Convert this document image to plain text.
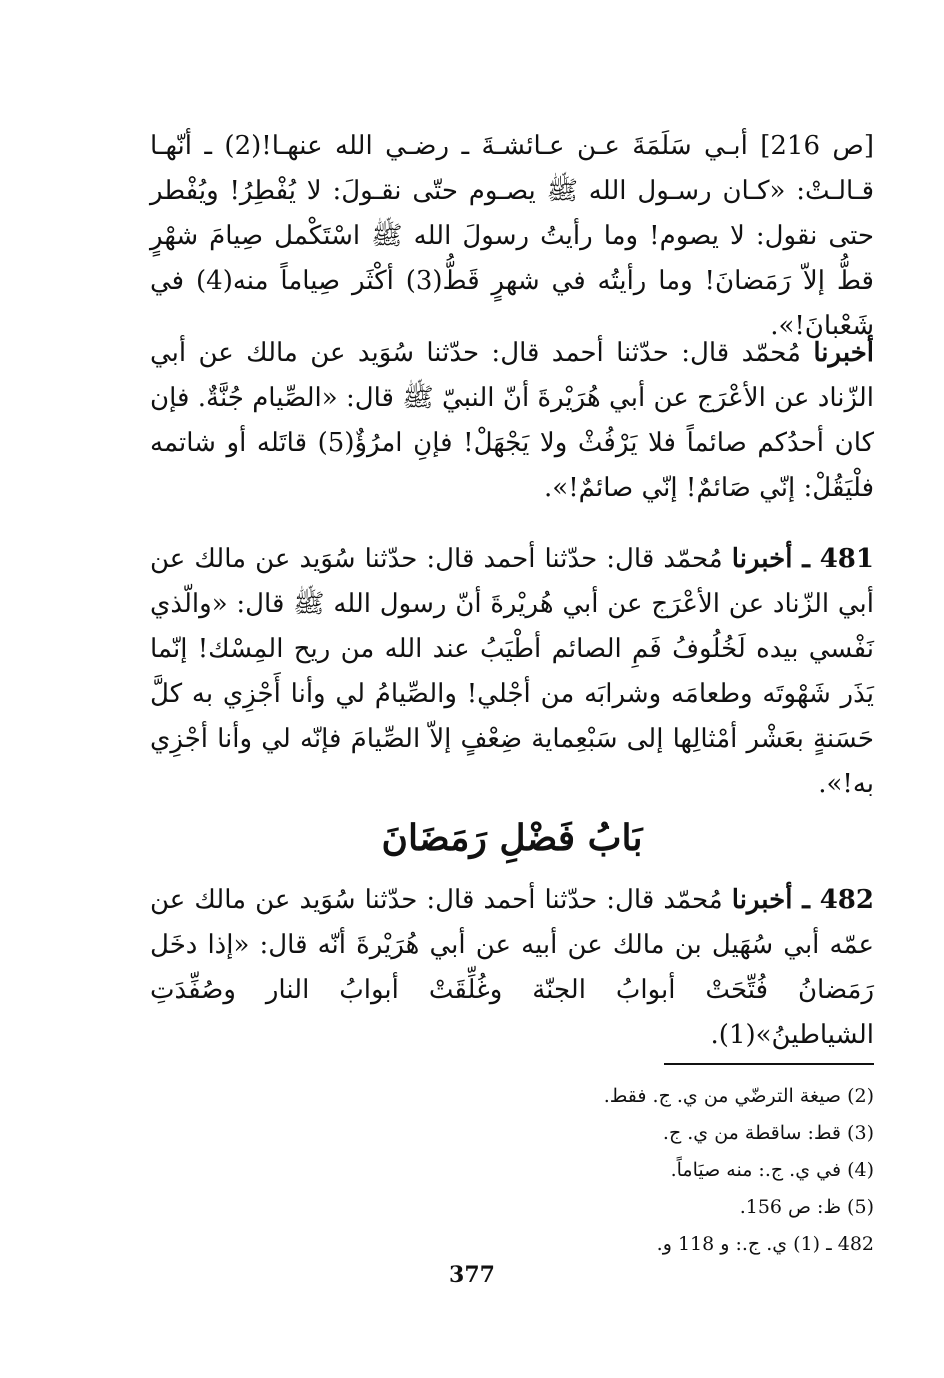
[ص 216] أبـي سَلَمَةَ عـن عـائشـةَ ـ رضـي الله عنهـا!(2) ـ أنّهـا قـالـتْ: «كـان رسـول الله ﷺ يصـوم حتّى نقـولَ: لا يُفْطِرُ! ويُفْطر حتى نقول: لا يصوم! وما رأيتُ رسولَ الله ﷺ اسْتَكْمل صِيامَ شهْرٍ قطُّ إلاّ رَمَضانَ! وما رأيتُه في شهرٍ قَطُّ(3) أكْثَر صِياماً منه(4) في شَعْبانَ!».

أخبرنا مُحمّد قال: حدّثنا أحمد قال: حدّثنا سُوَيد عن مالك عن أبي الزّناد عن الأعْرَج عن أبي هُرَيْرةَ أنّ النبيّ ﷺ قال: «الصِّيام جُنَّةٌ. فإن كان أحدُكم صائماً فلا يَرْفُثْ ولا يَجْهَلْ! فإنِ امرُؤٌ(5) قاتَله أو شاتمه فلْيَقُلْ: إنّي صَائمٌ! إنّي صائمٌ!».

481 ـ أخبرنا مُحمّد قال: حدّثنا أحمد قال: حدّثنا سُوَيد عن مالك عن أبي الزّناد عن الأعْرَج عن أبي هُريْرةَ أنّ رسول الله ﷺ قال: «والّذي نَفْسي بيده لَخُلُوفُ فَمِ الصائم أطْيَبُ عند الله من ريح المِسْك! إنّما يَذَر شَهْوتَه وطعامَه وشرابَه من أجْلي! والصِّيامُ لي وأنا أَجْزِي به كلَّ حَسَنةٍ بعَشْر أمْثالِها إلى سَبْعِماية ضِعْفٍ إلاّ الصِّيامَ فإنّه لي وأنا أجْزِي به!».

بَابُ فَضْلِ رَمَضَانَ

482 ـ أخبرنا مُحمّد قال: حدّثنا أحمد قال: حدّثنا سُوَيد عن مالك عن عمّه أبي سُهَيل بن مالك عن أبيه عن أبي هُرَيْرةَ أنّه قال: «إذا دخَل رَمَضانُ فُتِّحَتْ أبوابُ الجنّة وغُلِّقَتْ أبوابُ النار وصُفِّدَتِ الشياطينُ»(1).

(2) صيغة الترضّي من ي. ج. فقط.
(3) قط: ساقطة من ي. ج.
(4) في ي. ج.: منه صيَاماً.
(5) ظ: ص 156.
482 ـ (1) ي. ج.: و 118 و.
377
